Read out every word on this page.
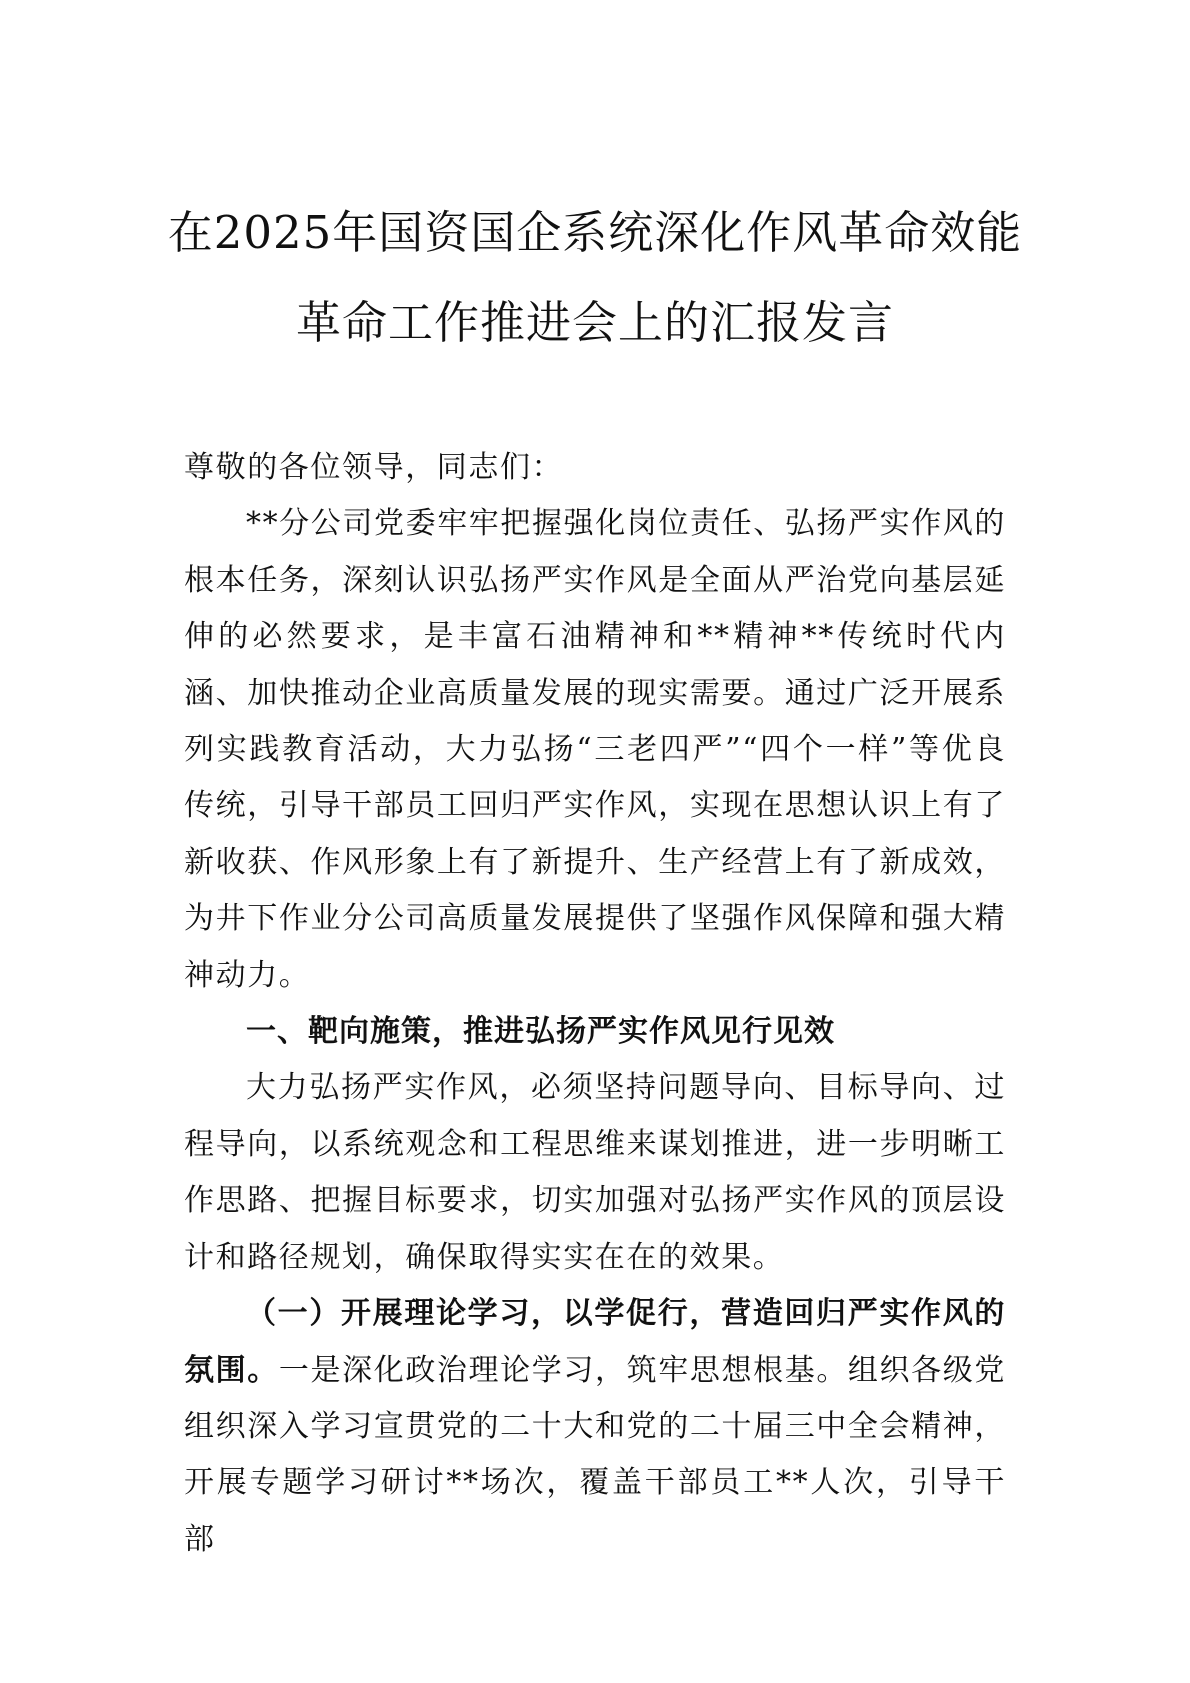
在2025年国资国企系统深化作风革命效能
革命工作推进会上的汇报发言

尊敬的各位领导，同志们：

**分公司党委牢牢把握强化岗位责任、弘扬严实作风的根本任务，深刻认识弘扬严实作风是全面从严治党向基层延伸的必然要求，是丰富石油精神和**精神**传统时代内涵、加快推动企业高质量发展的现实需要。通过广泛开展系列实践教育活动，大力弘扬“三老四严”“四个一样”等优良传统，引导干部员工回归严实作风，实现在思想认识上有了新收获、作风形象上有了新提升、生产经营上有了新成效，为井下作业分公司高质量发展提供了坚强作风保障和强大精神动力。

一、靶向施策，推进弘扬严实作风见行见效

大力弘扬严实作风，必须坚持问题导向、目标导向、过程导向，以系统观念和工程思维来谋划推进，进一步明晰工作思路、把握目标要求，切实加强对弘扬严实作风的顶层设计和路径规划，确保取得实实在在的效果。

（一）开展理论学习，以学促行，营造回归严实作风的氛围。一是深化政治理论学习，筑牢思想根基。组织各级党组织深入学习宣贯党的二十大和党的二十届三中全会精神，开展专题学习研讨**场次，覆盖干部员工**人次，引导干部
